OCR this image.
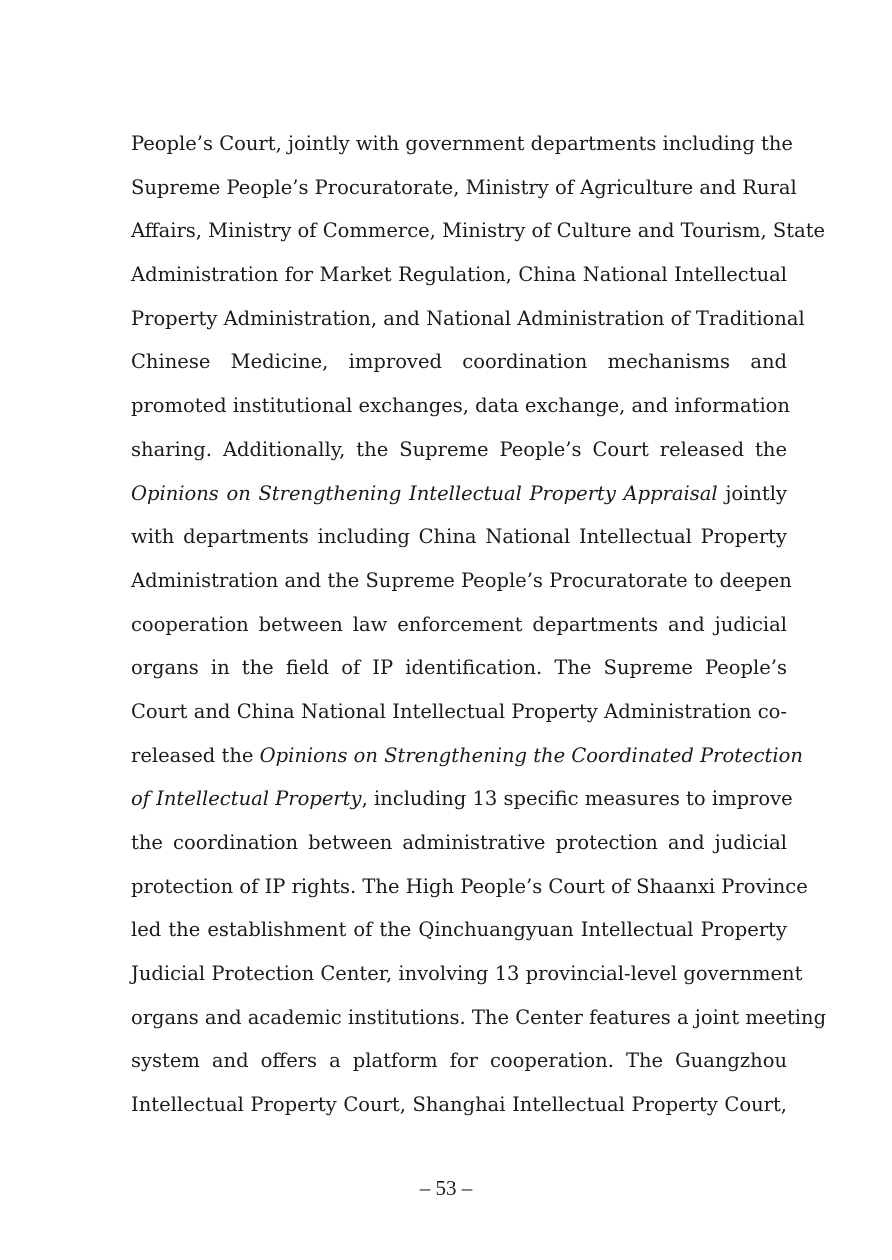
People’s Court, jointly with government departments including the
Supreme People’s Procuratorate, Ministry of Agriculture and Rural
Affairs, Ministry of Commerce, Ministry of Culture and Tourism, State
Administration for Market Regulation, China National Intellectual
Property Administration, and National Administration of Traditional
Chinese Medicine, improved coordination mechanisms and
promoted institutional exchanges, data exchange, and information
sharing. Additionally, the Supreme People’s Court released the
Opinions on Strengthening Intellectual Property Appraisal jointly
with departments including China National Intellectual Property
Administration and the Supreme People’s Procuratorate to deepen
cooperation between law enforcement departments and judicial
organs in the field of IP identification. The Supreme People’s
Court and China National Intellectual Property Administration co-
released the Opinions on Strengthening the Coordinated Protection
of Intellectual Property, including 13 specific measures to improve
the coordination between administrative protection and judicial
protection of IP rights. The High People’s Court of Shaanxi Province
led the establishment of the Qinchuangyuan Intellectual Property
Judicial Protection Center, involving 13 provincial-level government
organs and academic institutions. The Center features a joint meeting
system and offers a platform for cooperation. The Guangzhou
Intellectual Property Court, Shanghai Intellectual Property Court,
– 53 –
